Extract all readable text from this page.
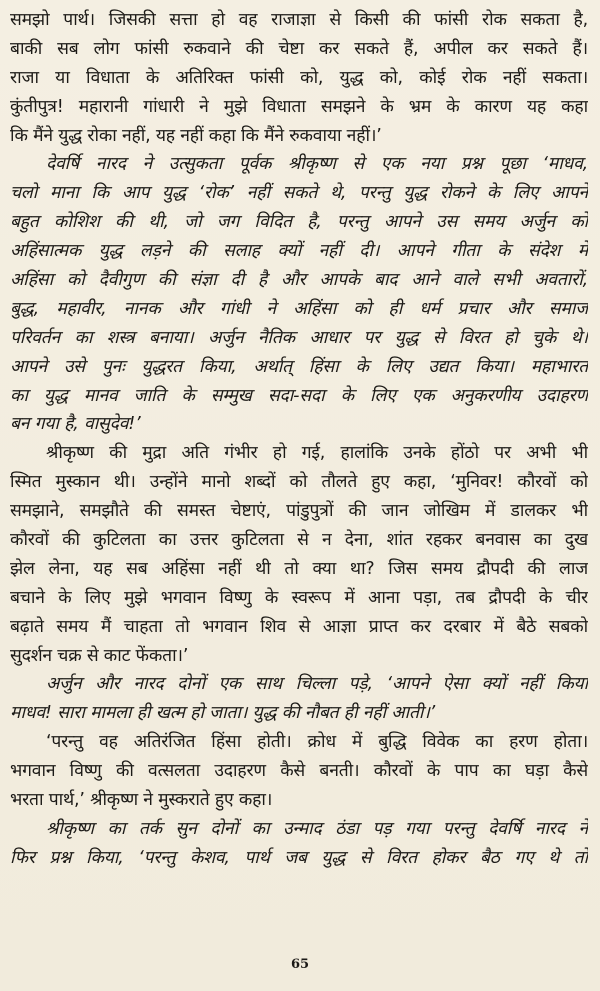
समझो पार्थ। जिसकी सत्ता हो वह राजाज्ञा से किसी की फांसी रोक सकता है,
बाकी सब लोग फांसी रुकवाने की चेष्टा कर सकते हैं, अपील कर सकते हैं।
राजा या विधाता के अतिरिक्त फांसी को, युद्ध को, कोई रोक नहीं सकता।
कुंतीपुत्र! महारानी गांधारी ने मुझे विधाता समझने के भ्रम के कारण यह कहा
कि मैंने युद्ध रोका नहीं, यह नहीं कहा कि मैंने रुकवाया नहीं।’
देवर्षि नारद ने उत्सुकता पूर्वक श्रीकृष्ण से एक नया प्रश्न पूछा ‘माधव,
चलो माना कि आप युद्ध ‘रोक’ नहीं सकते थे, परन्तु युद्ध रोकने के लिए आपने
बहुत कोशिश की थी, जो जग विदित है, परन्तु आपने उस समय अर्जुन को
अहिंसात्मक युद्ध लड़ने की सलाह क्यों नहीं दी। आपने गीता के संदेश में
अहिंसा को दैवीगुण की संज्ञा दी है और आपके बाद आने वाले सभी अवतारों,
बुद्ध, महावीर, नानक और गांधी ने अहिंसा को ही धर्म प्रचार और समाज
परिवर्तन का शस्त्र बनाया। अर्जुन नैतिक आधार पर युद्ध से विरत हो चुके थे।
आपने उसे पुनः युद्धरत किया, अर्थात् हिंसा के लिए उद्यत किया। महाभारत
का युद्ध मानव जाति के सम्मुख सदा-सदा के लिए एक अनुकरणीय उदाहरण
बन गया है, वासुदेव!’
श्रीकृष्ण की मुद्रा अति गंभीर हो गई, हालांकि उनके होंठो पर अभी भी
स्मित मुस्कान थी। उन्होंने मानो शब्दों को तौलते हुए कहा, ‘मुनिवर! कौरवों को
समझाने, समझौते की समस्त चेष्टाएं, पांडुपुत्रों की जान जोखिम में डालकर भी
कौरवों की कुटिलता का उत्तर कुटिलता से न देना, शांत रहकर बनवास का दुख
झेल लेना, यह सब अहिंसा नहीं थी तो क्या था? जिस समय द्रौपदी की लाज
बचाने के लिए मुझे भगवान विष्णु के स्वरूप में आना पड़ा, तब द्रौपदी के चीर
बढ़ाते समय मैं चाहता तो भगवान शिव से आज्ञा प्राप्त कर दरबार में बैठे सबको
सुदर्शन चक्र से काट फेंकता।’
अर्जुन और नारद दोनों एक साथ चिल्ला पड़े, ‘आपने ऐसा क्यों नहीं किया
माधव! सारा मामला ही खत्म हो जाता। युद्ध की नौबत ही नहीं आती।’
‘परन्तु वह अतिरंजित हिंसा होती। क्रोध में बुद्धि विवेक का हरण होता।
भगवान विष्णु की वत्सलता उदाहरण कैसे बनती। कौरवों के पाप का घड़ा कैसे
भरता पार्थ,’ श्रीकृष्ण ने मुस्कराते हुए कहा।
श्रीकृष्ण का तर्क सुन दोनों का उन्माद ठंडा पड़ गया परन्तु देवर्षि नारद ने
फिर प्रश्न किया, ‘परन्तु केशव, पार्थ जब युद्ध से विरत होकर बैठ गए थे तो
65
